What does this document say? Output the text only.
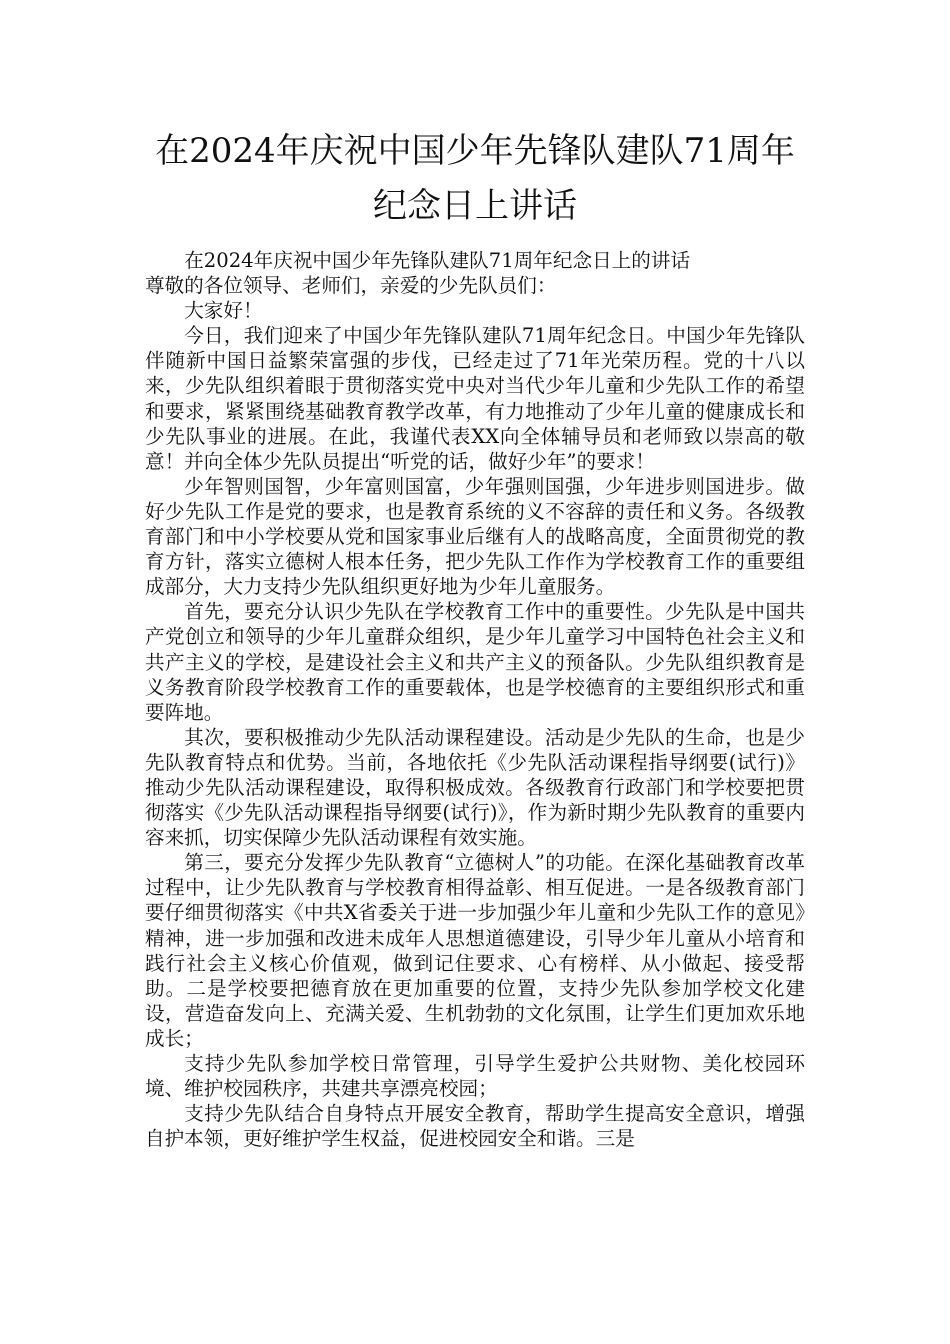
在2024年庆祝中国少年先锋队建队71周年
纪念日上讲话

在2024年庆祝中国少年先锋队建队71周年纪念日上的讲话

尊敬的各位领导、老师们，亲爱的少先队员们：

大家好！

今日，我们迎来了中国少年先锋队建队71周年纪念日。中国少年先锋队伴随新中国日益繁荣富强的步伐，已经走过了71年光荣历程。党的十八以来，少先队组织着眼于贯彻落实党中央对当代少年儿童和少先队工作的希望和要求，紧紧围绕基础教育教学改革，有力地推动了少年儿童的健康成长和少先队事业的进展。在此，我谨代表XX向全体辅导员和老师致以崇高的敬意！并向全体少先队员提出“听党的话，做好少年”的要求！

少年智则国智，少年富则国富，少年强则国强，少年进步则国进步。做好少先队工作是党的要求，也是教育系统的义不容辞的责任和义务。各级教育部门和中小学校要从党和国家事业后继有人的战略高度，全面贯彻党的教育方针，落实立德树人根本任务，把少先队工作作为学校教育工作的重要组成部分，大力支持少先队组织更好地为少年儿童服务。

首先，要充分认识少先队在学校教育工作中的重要性。少先队是中国共产党创立和领导的少年儿童群众组织，是少年儿童学习中国特色社会主义和共产主义的学校，是建设社会主义和共产主义的预备队。少先队组织教育是义务教育阶段学校教育工作的重要载体，也是学校德育的主要组织形式和重要阵地。

其次，要积极推动少先队活动课程建设。活动是少先队的生命，也是少先队教育特点和优势。当前，各地依托《少先队活动课程指导纲要(试行)》推动少先队活动课程建设，取得积极成效。各级教育行政部门和学校要把贯彻落实《少先队活动课程指导纲要(试行)》，作为新时期少先队教育的重要内容来抓，切实保障少先队活动课程有效实施。

第三，要充分发挥少先队教育“立德树人”的功能。在深化基础教育改革过程中，让少先队教育与学校教育相得益彰、相互促进。一是各级教育部门要仔细贯彻落实《中共X省委关于进一步加强少年儿童和少先队工作的意见》精神，进一步加强和改进未成年人思想道德建设，引导少年儿童从小培育和践行社会主义核心价值观，做到记住要求、心有榜样、从小做起、接受帮助。二是学校要把德育放在更加重要的位置，支持少先队参加学校文化建设，营造奋发向上、充满关爱、生机勃勃的文化氛围，让学生们更加欢乐地成长；

支持少先队参加学校日常管理，引导学生爱护公共财物、美化校园环境、维护校园秩序，共建共享漂亮校园；

支持少先队结合自身特点开展安全教育，帮助学生提高安全意识，增强自护本领，更好维护学生权益，促进校园安全和谐。三是
